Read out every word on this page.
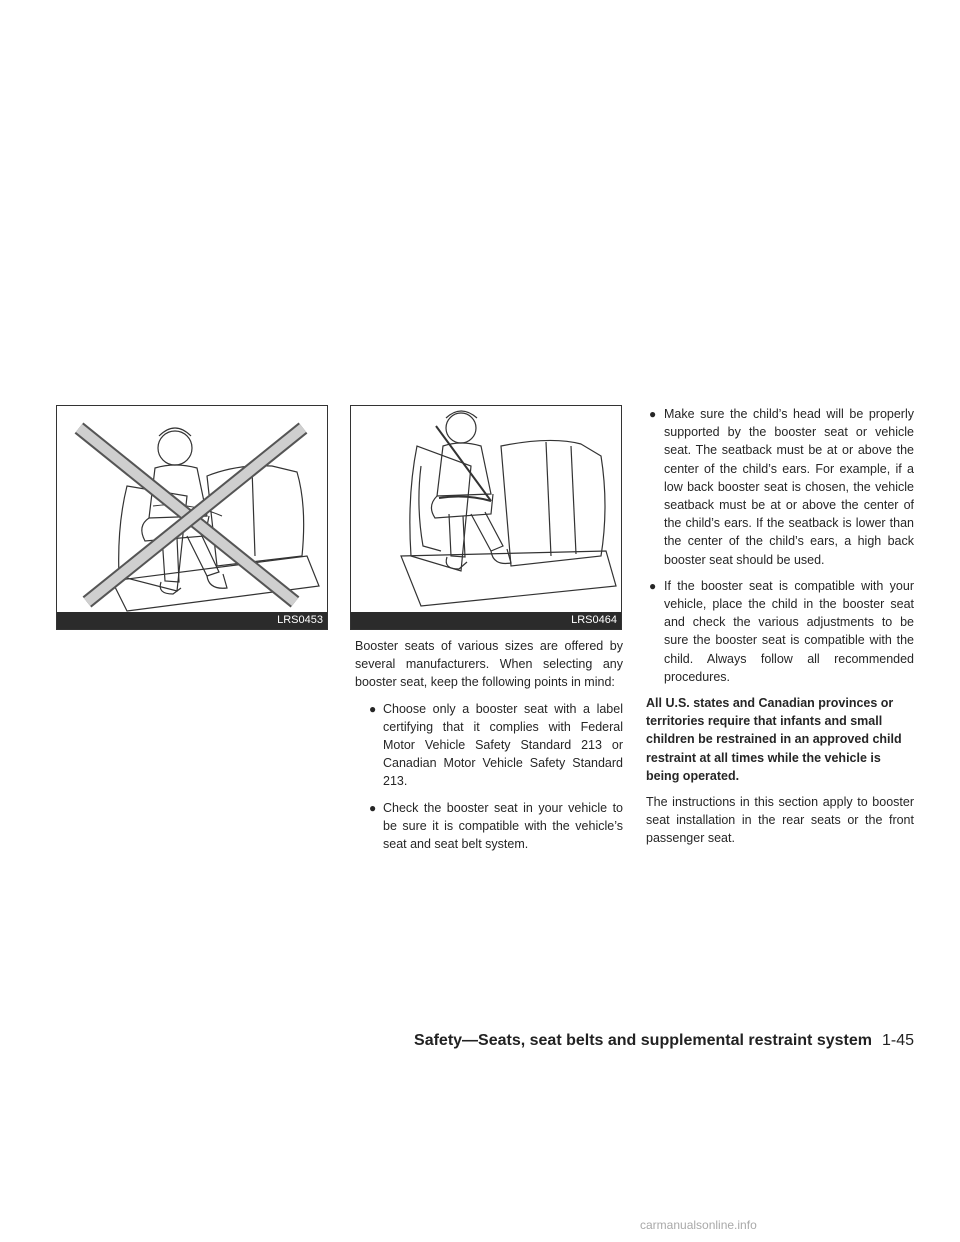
LRS0453	LRS0464

Booster seats of various sizes are offered by several manufacturers. When selecting any booster seat, keep the following points in mind:

● Choose only a booster seat with a label certifying that it complies with Federal Motor Vehicle Safety Standard 213 or Canadian Motor Vehicle Safety Standard 213.
● Check the booster seat in your vehicle to be sure it is compatible with the vehicle’s seat and seat belt system.
● Make sure the child’s head will be properly supported by the booster seat or vehicle seat. The seatback must be at or above the center of the child’s ears. For example, if a low back booster seat is chosen, the vehicle seatback must be at or above the center of the child’s ears. If the seatback is lower than the center of the child’s ears, a high back booster seat should be used.
● If the booster seat is compatible with your vehicle, place the child in the booster seat and check the various adjustments to be sure the booster seat is compatible with the child. Always follow all recommended procedures.

All U.S. states and Canadian provinces or territories require that infants and small children be restrained in an approved child restraint at all times while the vehicle is being operated.

The instructions in this section apply to booster seat installation in the rear seats or the front passenger seat.

Safety—Seats, seat belts and supplemental restraint system 1-45
carmanualsonline.info
